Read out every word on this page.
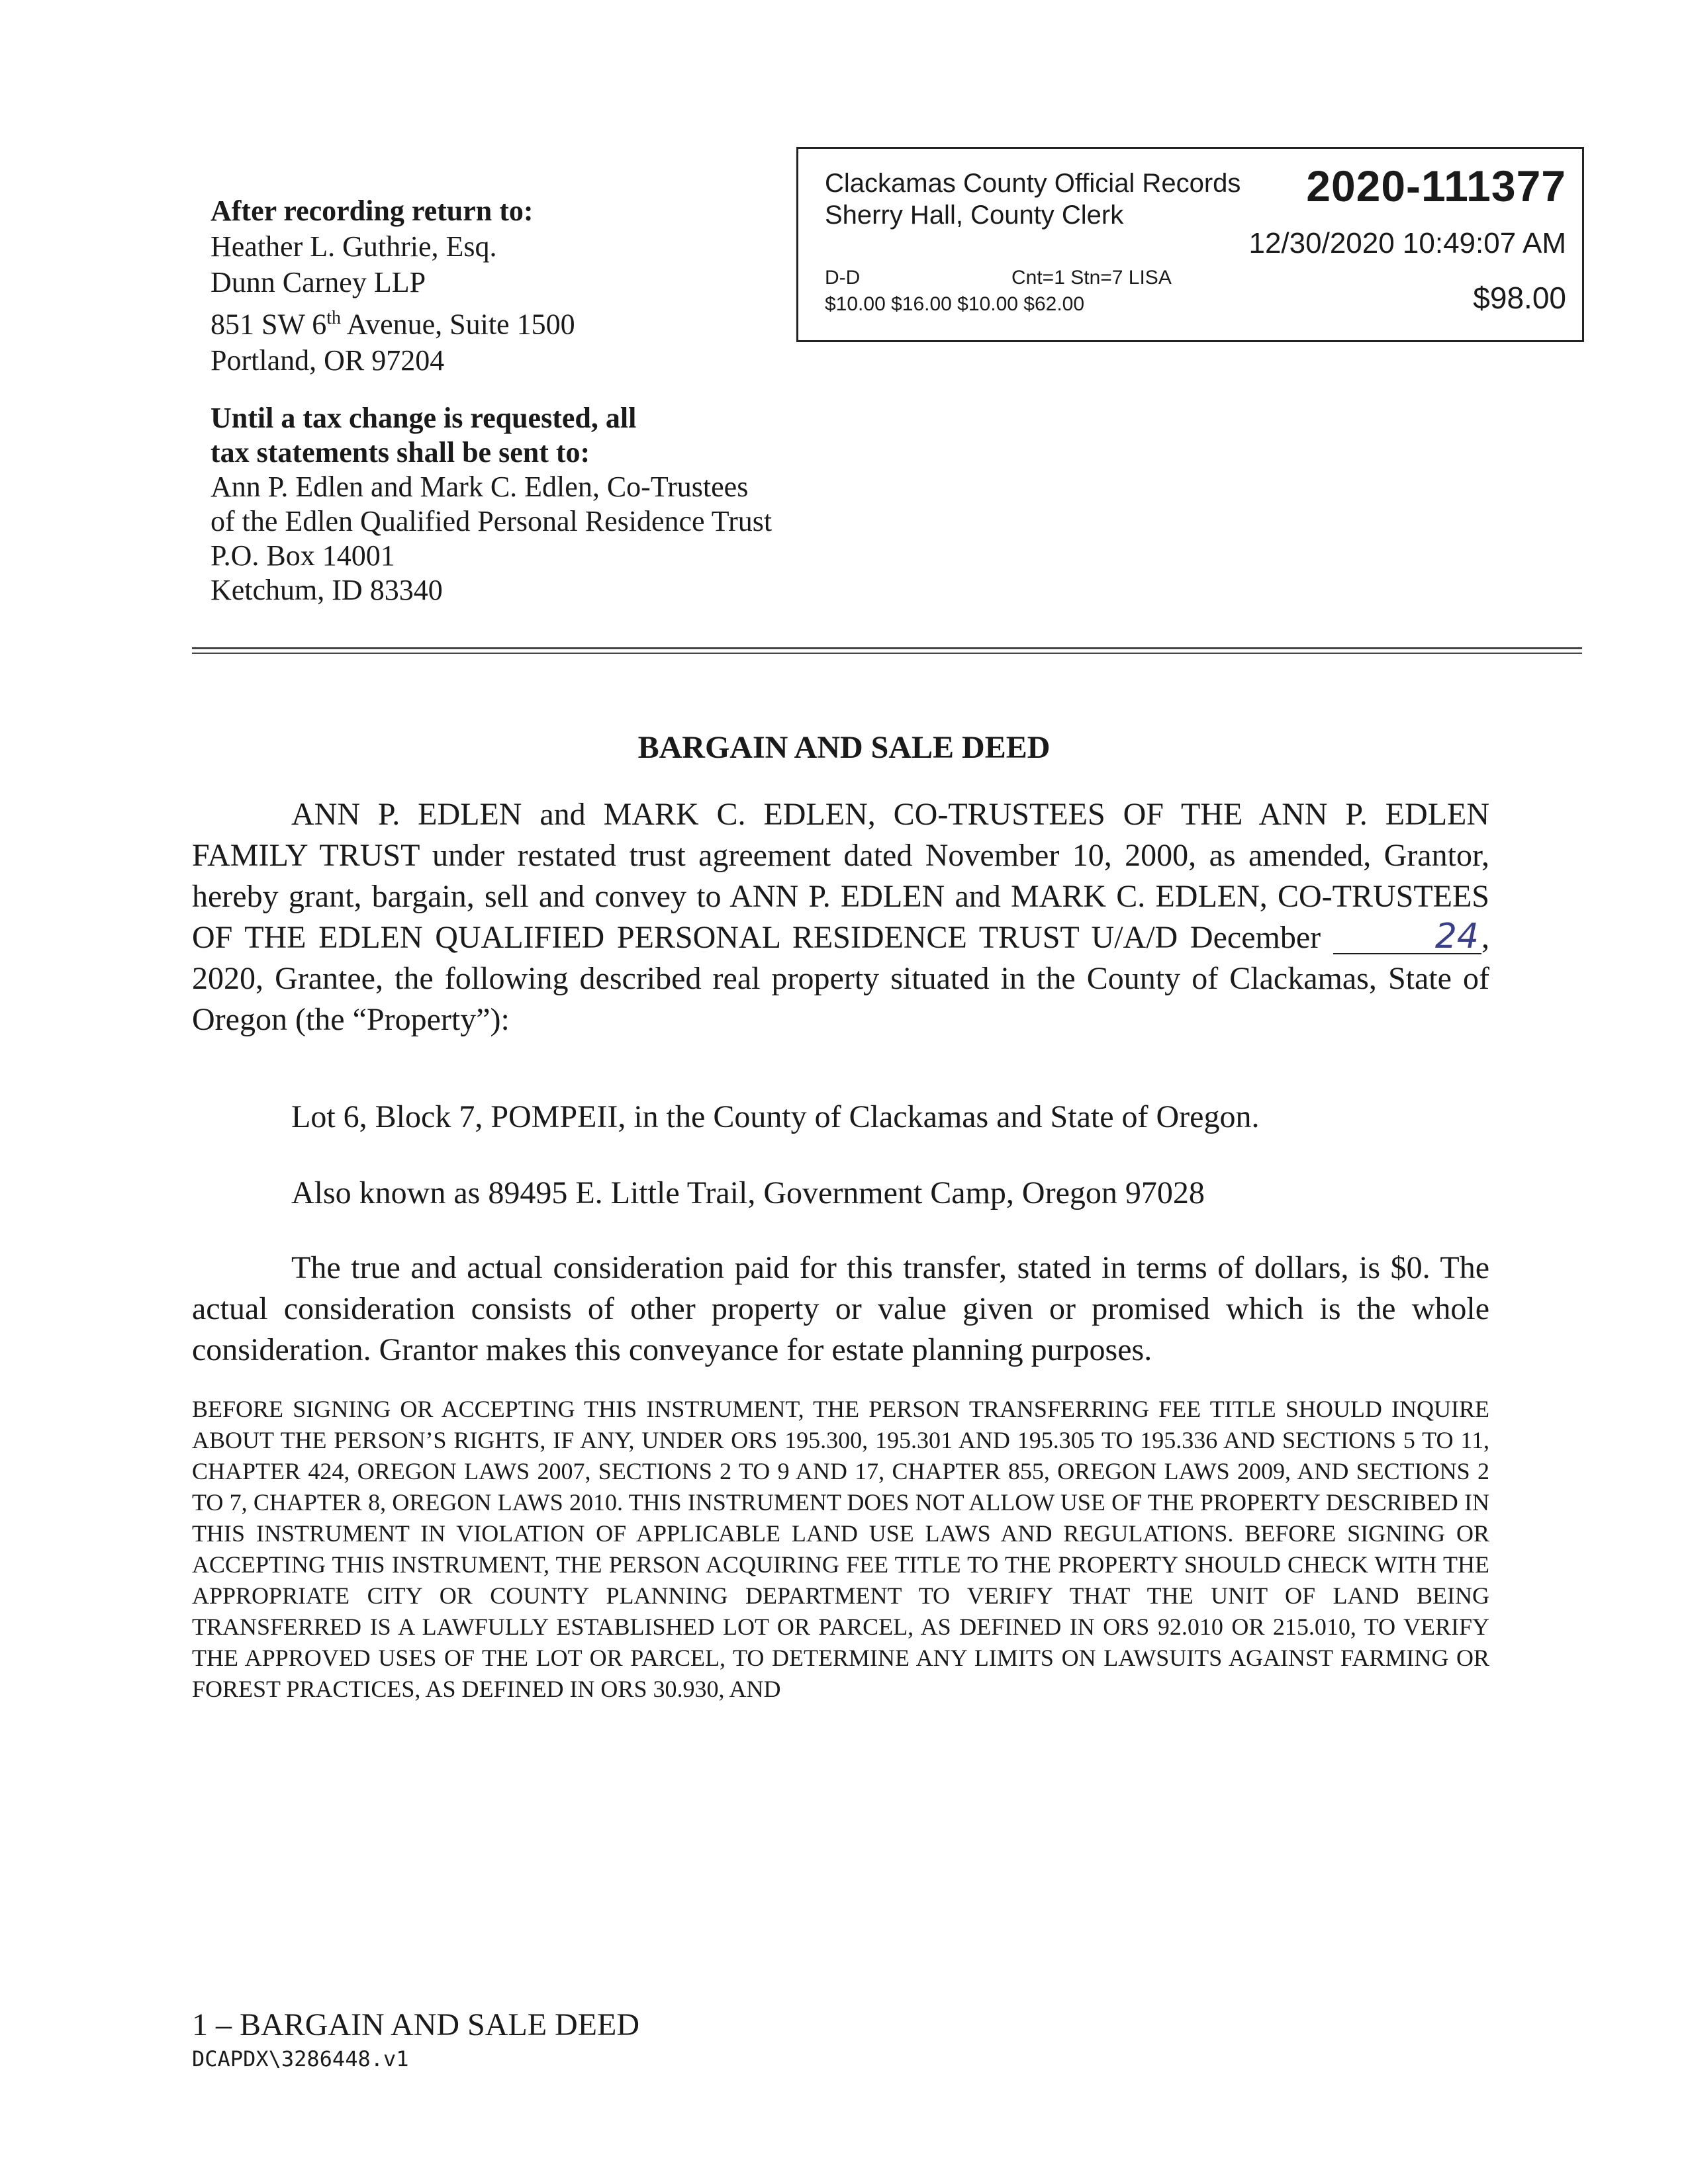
After recording return to:
Heather L. Guthrie, Esq.
Dunn Carney LLP
851 SW 6th Avenue, Suite 1500
Portland, OR 97204
Until a tax change is requested, all
tax statements shall be sent to:
Ann P. Edlen and Mark C. Edlen, Co-Trustees
of the Edlen Qualified Personal Residence Trust
P.O. Box 14001
Ketchum, ID 83340
Clackamas County Official Records
Sherry Hall, County Clerk
2020-111377
12/30/2020 10:49:07 AM
D-D	Cnt=1 Stn=7 LISA
$10.00 $16.00 $10.00 $62.00	$98.00
BARGAIN AND SALE DEED
ANN P. EDLEN and MARK C. EDLEN, CO-TRUSTEES OF THE ANN P. EDLEN FAMILY TRUST under restated trust agreement dated November 10, 2000, as amended, Grantor, hereby grant, bargain, sell and convey to ANN P. EDLEN and MARK C. EDLEN, CO-TRUSTEES OF THE EDLEN QUALIFIED PERSONAL RESIDENCE TRUST U/A/D December	24, 2020, Grantee, the following described real property situated in the County of Clackamas, State of Oregon (the “Property”):
Lot 6, Block 7, POMPEII, in the County of Clackamas and State of Oregon.
Also known as 89495 E. Little Trail, Government Camp, Oregon 97028
The true and actual consideration paid for this transfer, stated in terms of dollars, is $0. The actual consideration consists of other property or value given or promised which is the whole consideration. Grantor makes this conveyance for estate planning purposes.
BEFORE SIGNING OR ACCEPTING THIS INSTRUMENT, THE PERSON TRANSFERRING FEE TITLE SHOULD INQUIRE ABOUT THE PERSON’S RIGHTS, IF ANY, UNDER ORS 195.300, 195.301 AND 195.305 TO 195.336 AND SECTIONS 5 TO 11, CHAPTER 424, OREGON LAWS 2007, SECTIONS 2 TO 9 AND 17, CHAPTER 855, OREGON LAWS 2009, AND SECTIONS 2 TO 7, CHAPTER 8, OREGON LAWS 2010. THIS INSTRUMENT DOES NOT ALLOW USE OF THE PROPERTY DESCRIBED IN THIS INSTRUMENT IN VIOLATION OF APPLICABLE LAND USE LAWS AND REGULATIONS. BEFORE SIGNING OR ACCEPTING THIS INSTRUMENT, THE PERSON ACQUIRING FEE TITLE TO THE PROPERTY SHOULD CHECK WITH THE APPROPRIATE CITY OR COUNTY PLANNING DEPARTMENT TO VERIFY THAT THE UNIT OF LAND BEING TRANSFERRED IS A LAWFULLY ESTABLISHED LOT OR PARCEL, AS DEFINED IN ORS 92.010 OR 215.010, TO VERIFY THE APPROVED USES OF THE LOT OR PARCEL, TO DETERMINE ANY LIMITS ON LAWSUITS AGAINST FARMING OR FOREST PRACTICES, AS DEFINED IN ORS 30.930, AND
1 – BARGAIN AND SALE DEED
DCAPDX\3286448.v1
